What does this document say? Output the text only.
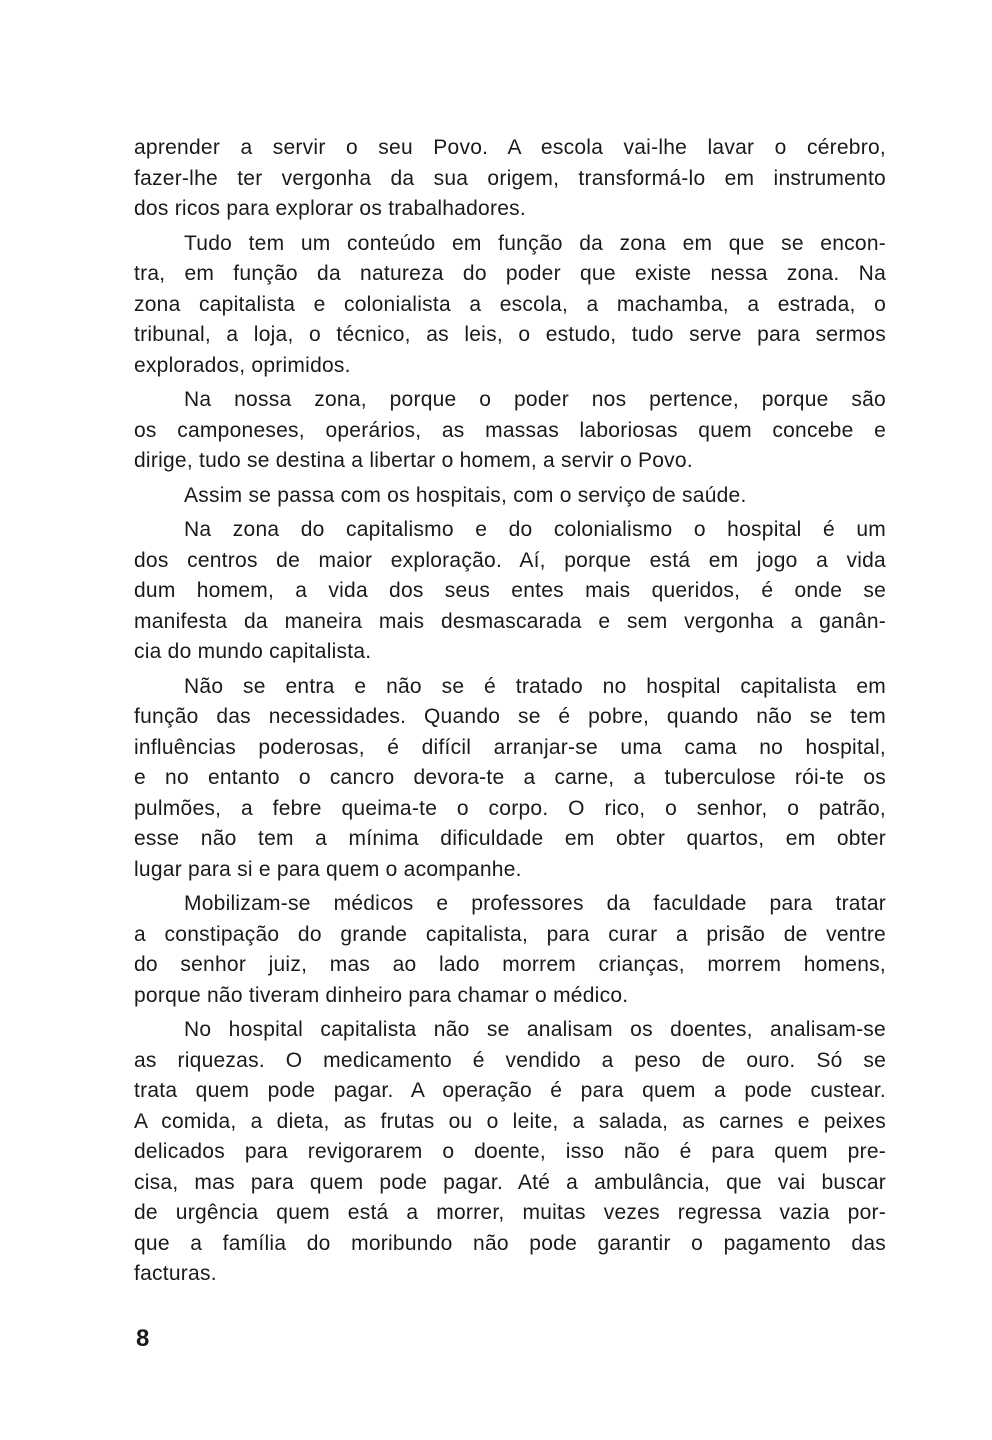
aprender a servir o seu Povo. A escola vai-lhe lavar o cérebro,
fazer-lhe ter vergonha da sua origem, transformá-lo em instrumento
dos ricos para explorar os trabalhadores.

Tudo tem um conteúdo em função da zona em que se encon-
tra, em função da natureza do poder que existe nessa zona. Na
zona capitalista e colonialista a escola, a machamba, a estrada, o
tribunal, a loja, o técnico, as leis, o estudo, tudo serve para sermos
explorados, oprimidos.

Na nossa zona, porque o poder nos pertence, porque são
os camponeses, operários, as massas laboriosas quem concebe e
dirige, tudo se destina a libertar o homem, a servir o Povo.

Assim se passa com os hospitais, com o serviço de saúde.

Na zona do capitalismo e do colonialismo o hospital é um
dos centros de maior exploração. Aí, porque está em jogo a vida
dum homem, a vida dos seus entes mais queridos, é onde se
manifesta da maneira mais desmascarada e sem vergonha a ganân-
cia do mundo capitalista.

Não se entra e não se é tratado no hospital capitalista em
função das necessidades. Quando se é pobre, quando não se tem
influências poderosas, é difícil arranjar-se uma cama no hospital,
e no entanto o cancro devora-te a carne, a tuberculose rói-te os
pulmões, a febre queima-te o corpo. O rico, o senhor, o patrão,
esse não tem a mínima dificuldade em obter quartos, em obter
lugar para si e para quem o acompanhe.

Mobilizam-se médicos e professores da faculdade para tratar
a constipação do grande capitalista, para curar a prisão de ventre
do senhor juiz, mas ao lado morrem crianças, morrem homens,
porque não tiveram dinheiro para chamar o médico.

No hospital capitalista não se analisam os doentes, analisam-se
as riquezas. O medicamento é vendido a peso de ouro. Só se
trata quem pode pagar. A operação é para quem a pode custear.
A comida, a dieta, as frutas ou o leite, a salada, as carnes e peixes
delicados para revigorarem o doente, isso não é para quem pre-
cisa, mas para quem pode pagar. Até a ambulância, que vai buscar
de urgência quem está a morrer, muitas vezes regressa vazia por-
que a família do moribundo não pode garantir o pagamento das
facturas.

8
